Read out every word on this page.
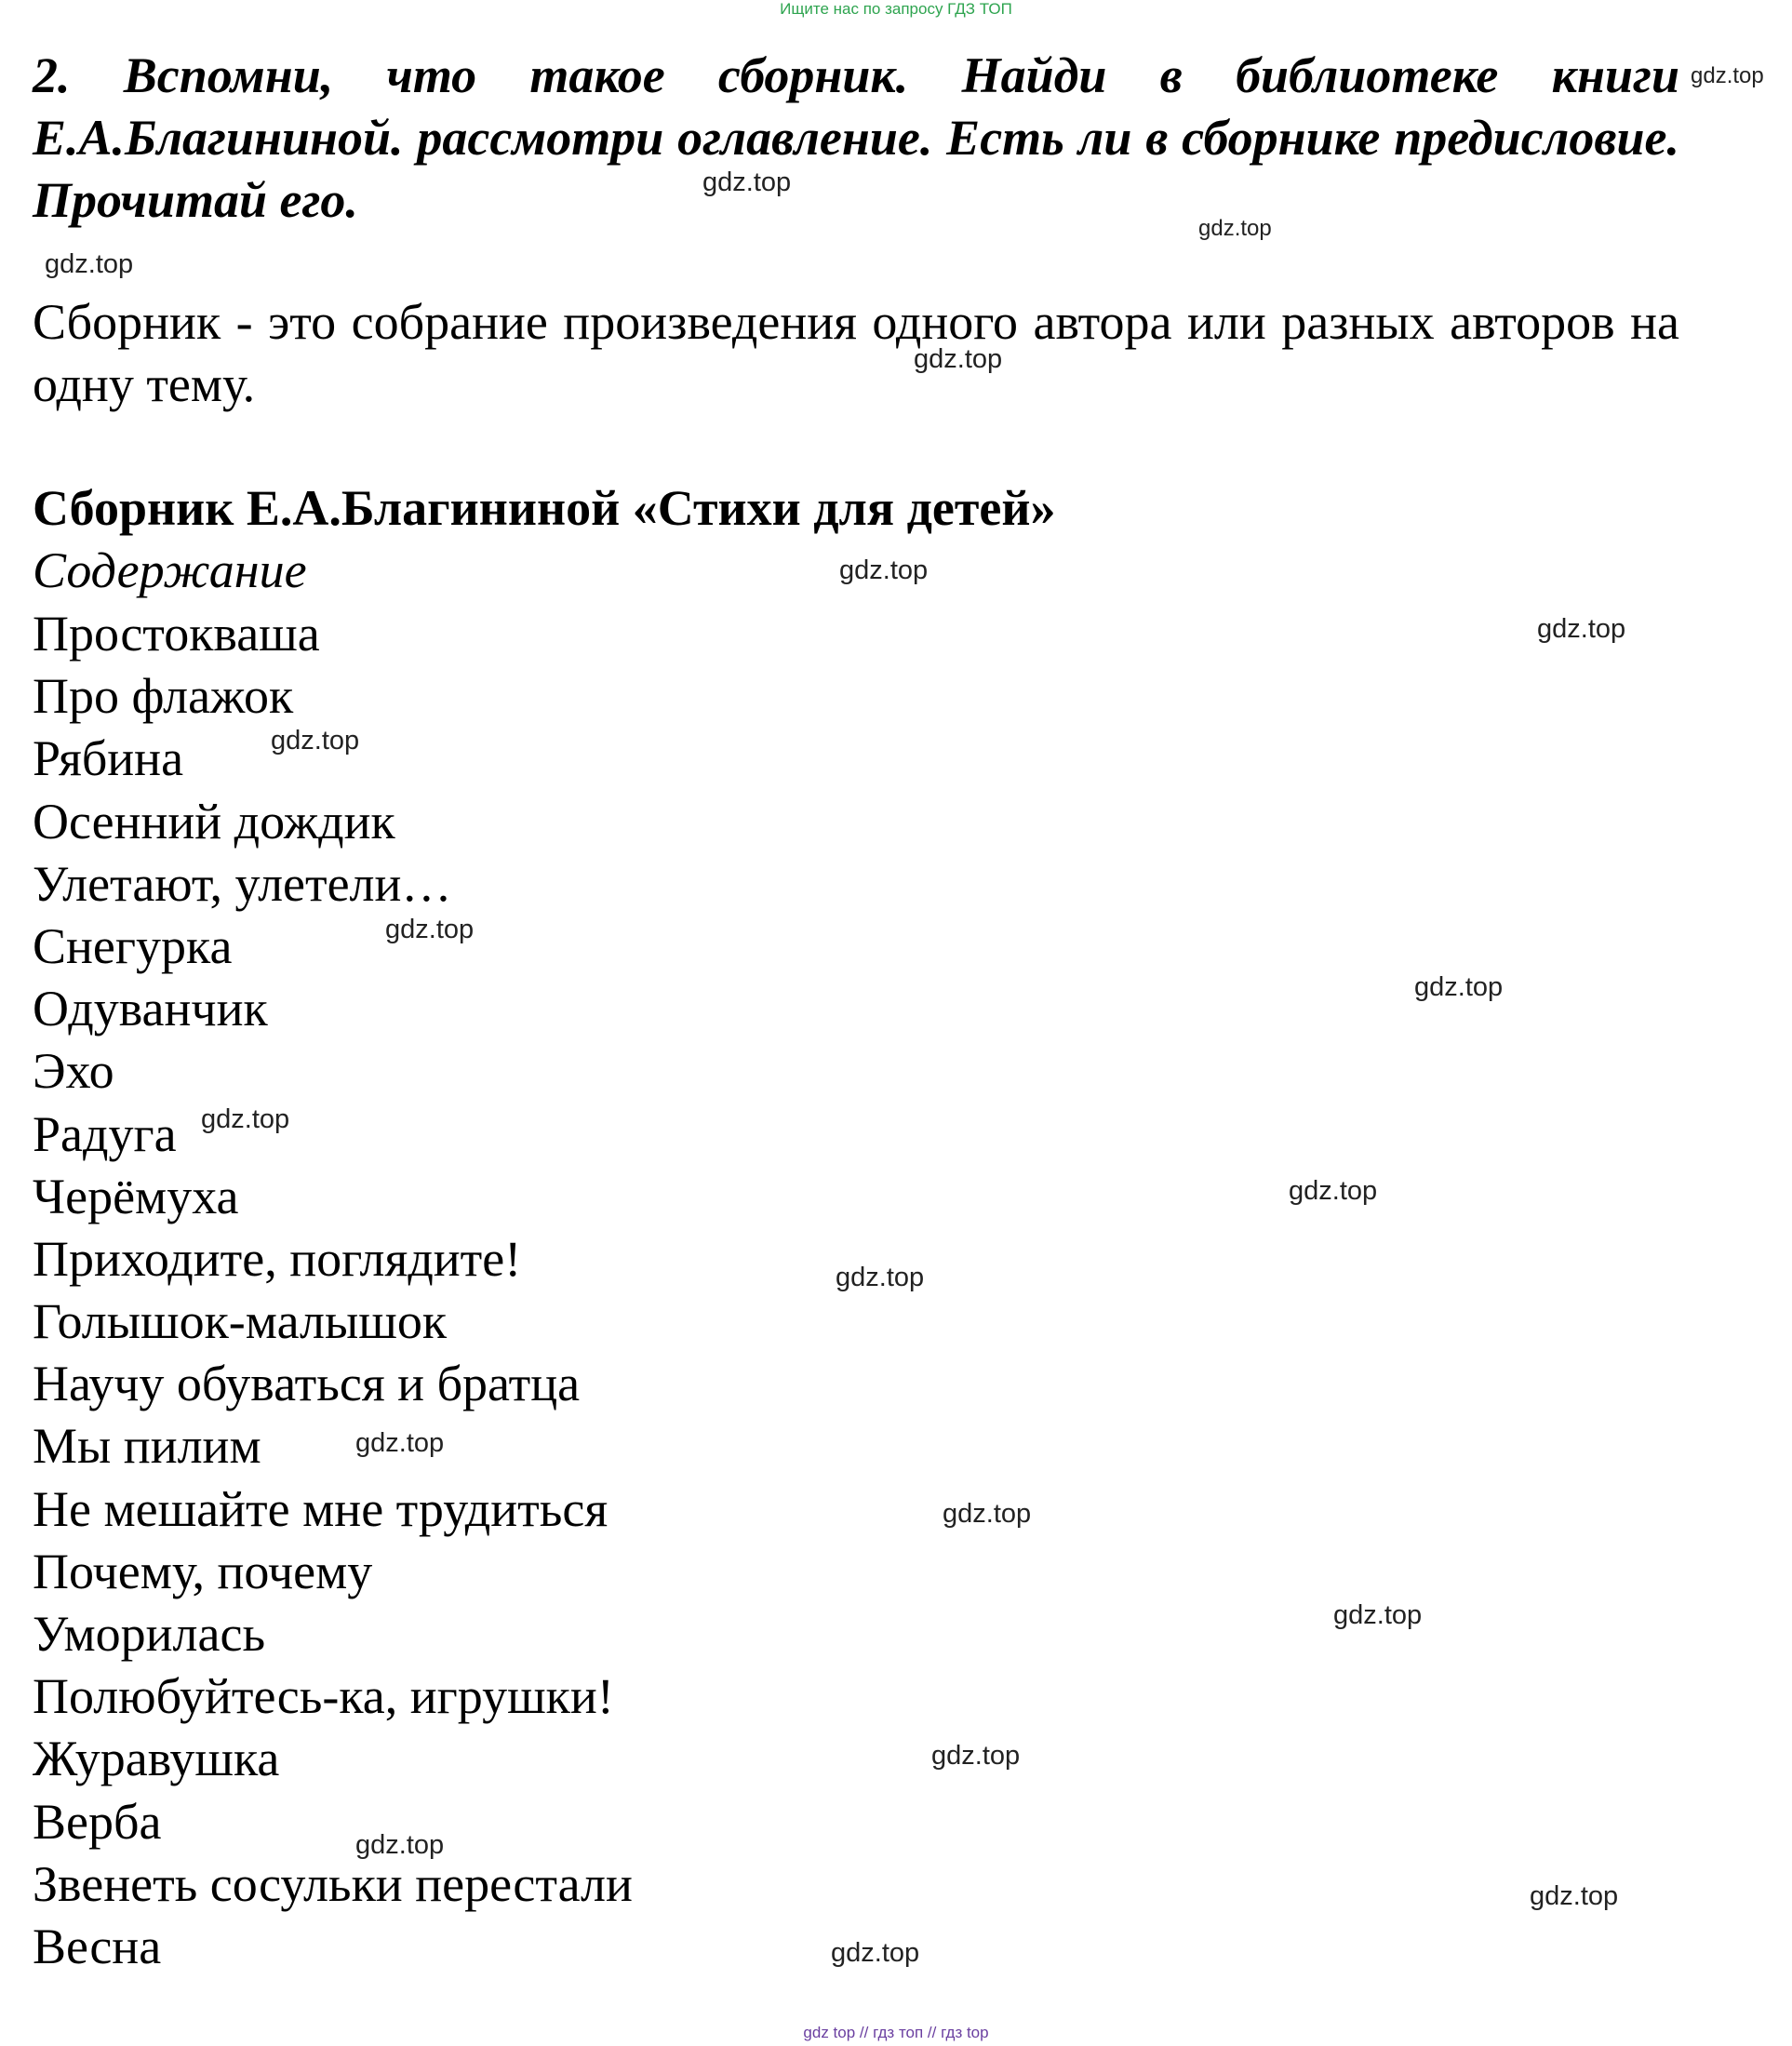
Ищите нас по запросу ГДЗ ТОП

2. Вспомни, что такое сборник. Найди в библиотеке книги Е.А.Благининой. рассмотри оглавление. Есть ли в сборнике предисловие. Прочитай его.

Сборник - это собрание произведения одного автора или разных авторов на одну тему.

Сборник Е.А.Благининой «Стихи для детей»

Содержание

Простокваша
Про флажок
Рябина
Осенний дождик
Улетают, улетели…
Снегурка
Одуванчик
Эхо
Радуга
Черёмуха
Приходите, поглядите!
Голышок-малышок
Научу обуваться и братца
Мы пилим
Не мешайте мне трудиться
Почему, почему
Уморилась
Полюбуйтесь-ка, игрушки!
Журавушка
Верба
Звенеть сосульки перестали
Весна
gdz.top
gdz.top
gdz.top
gdz.top
gdz.top
gdz.top
gdz.top
gdz.top
gdz.top
gdz.top
gdz.top
gdz.top
gdz.top
gdz.top
gdz.top
gdz.top
gdz.top
gdz.top
gdz.top
gdz.top
gdz top // гдз топ // гдз top
